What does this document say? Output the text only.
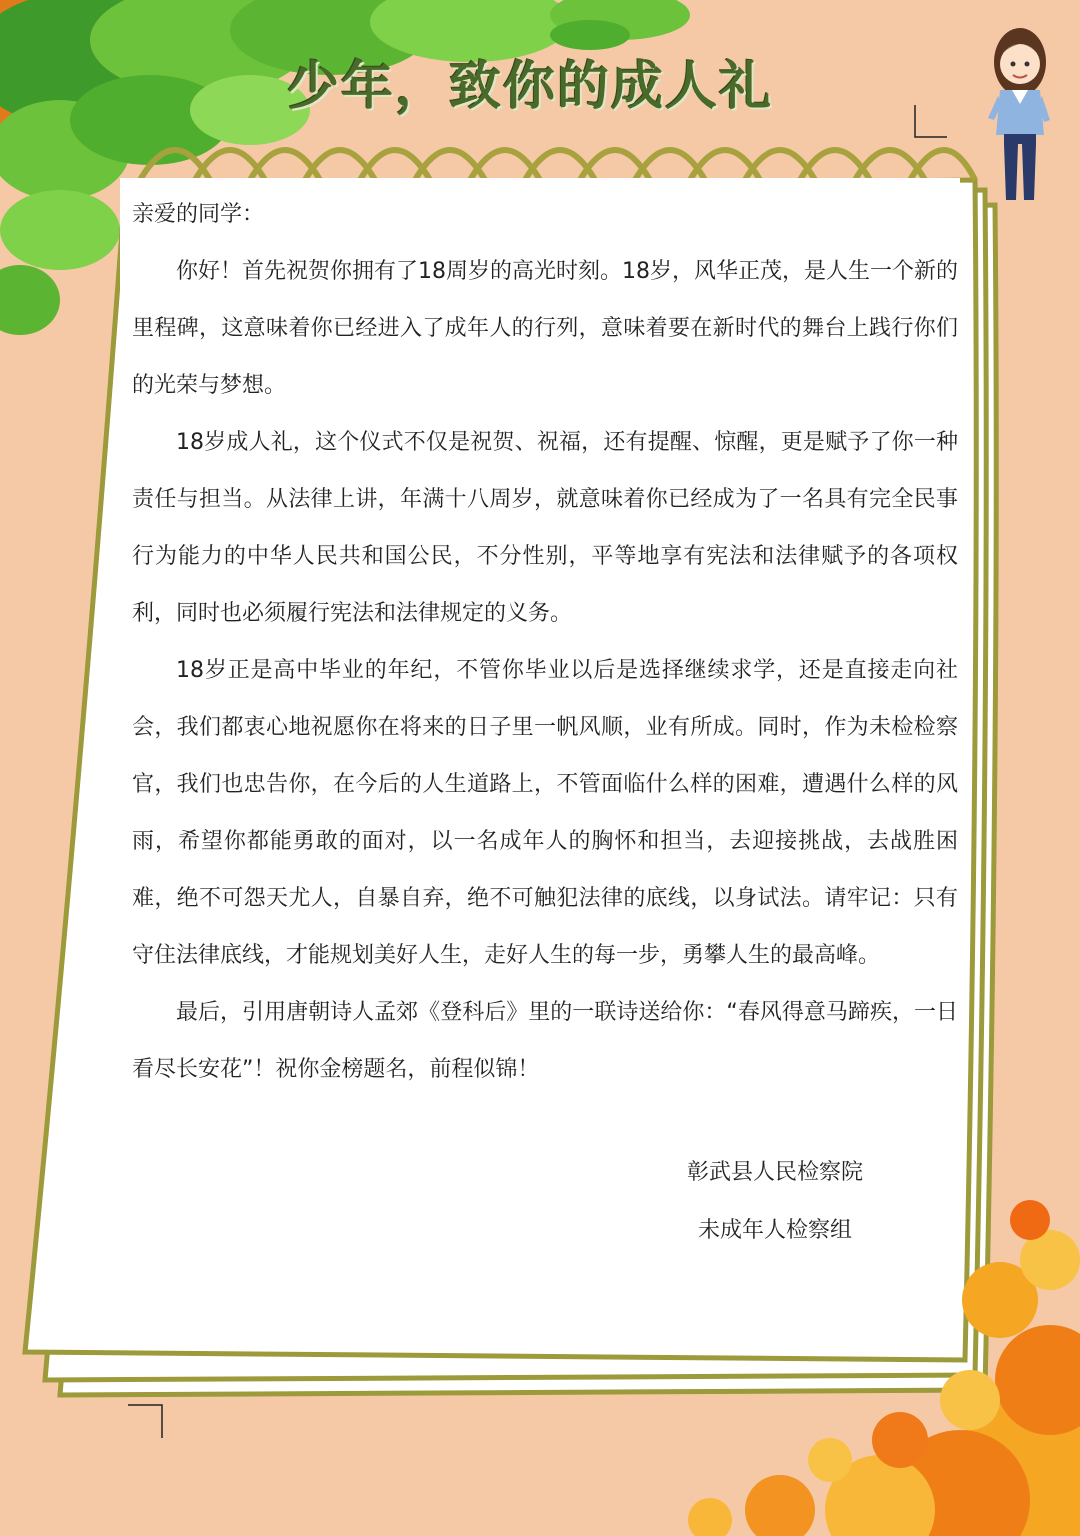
少年，致你的成人礼

亲爱的同学：

你好！首先祝贺你拥有了18周岁的高光时刻。18岁，风华正茂，是人生一个新的里程碑，这意味着你已经进入了成年人的行列，意味着要在新时代的舞台上践行你们的光荣与梦想。

18岁成人礼，这个仪式不仅是祝贺、祝福，还有提醒、惊醒，更是赋予了你一种责任与担当。从法律上讲，年满十八周岁，就意味着你已经成为了一名具有完全民事行为能力的中华人民共和国公民，不分性别，平等地享有宪法和法律赋予的各项权利，同时也必须履行宪法和法律规定的义务。

18岁正是高中毕业的年纪，不管你毕业以后是选择继续求学，还是直接走向社会，我们都衷心地祝愿你在将来的日子里一帆风顺，业有所成。同时，作为未检检察官，我们也忠告你，在今后的人生道路上，不管面临什么样的困难，遭遇什么样的风雨，希望你都能勇敢的面对，以一名成年人的胸怀和担当，去迎接挑战，去战胜困难，绝不可怨天尤人，自暴自弃，绝不可触犯法律的底线，以身试法。请牢记：只有守住法律底线，才能规划美好人生，走好人生的每一步，勇攀人生的最高峰。

最后，引用唐朝诗人孟郊《登科后》里的一联诗送给你：“春风得意马蹄疾，一日看尽长安花”！祝你金榜题名，前程似锦！

彰武县人民检察院
未成年人检察组
